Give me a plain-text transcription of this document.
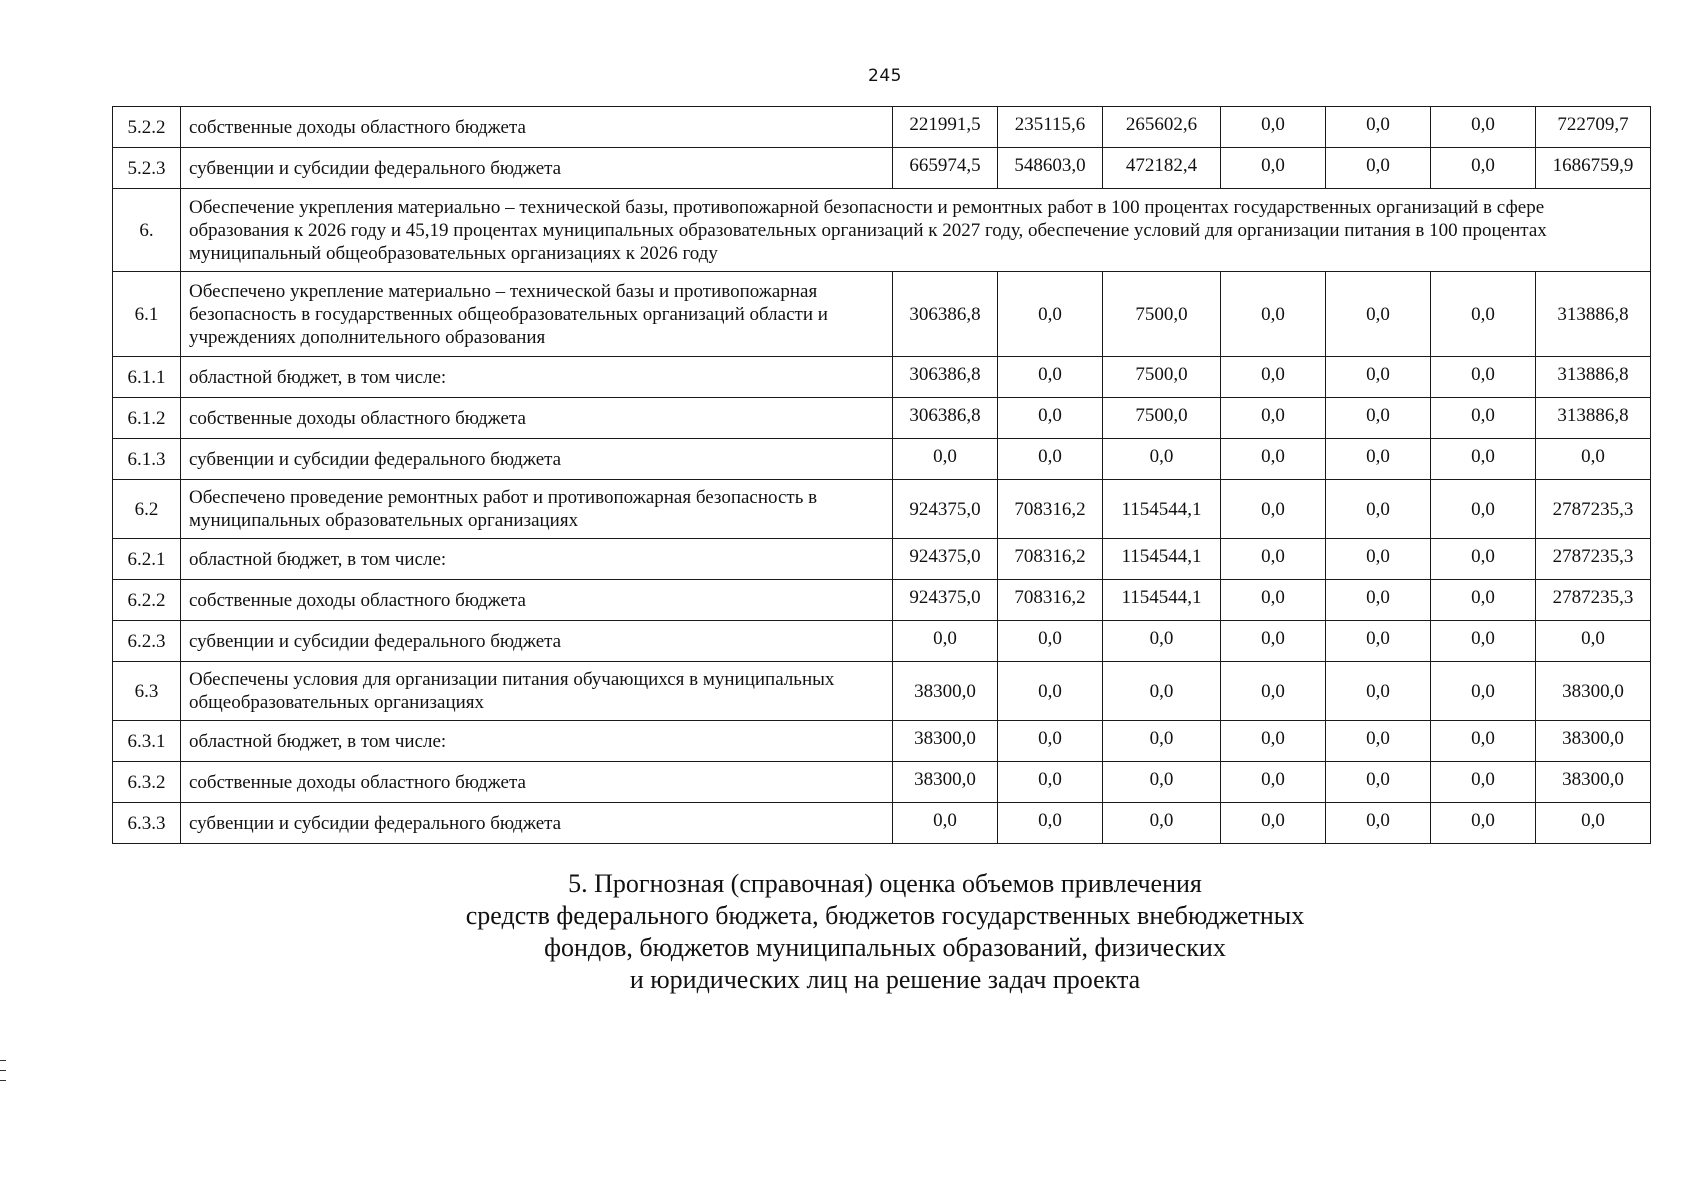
245
5.2.2	собственные доходы областного бюджета	221991,5	235115,6	265602,6	0,0	0,0	0,0	722709,7
5.2.3	субвенции и субсидии федерального бюджета	665974,5	548603,0	472182,4	0,0	0,0	0,0	1686759,9
6.	Обеспечение укрепления материально – технической базы, противопожарной безопасности и ремонтных работ в 100 процентах государственных организаций в сфере образования к 2026 году и 45,19 процентах муниципальных образовательных организаций к 2027 году, обеспечение условий для организации питания в 100 процентах муниципальный общеобразовательных организациях к 2026 году							
6.1	Обеспечено укрепление материально – технической базы и противопожарная безопасность в государственных общеобразовательных организаций области и учреждениях дополнительного образования	306386,8	0,0	7500,0	0,0	0,0	0,0	313886,8
6.1.1	областной бюджет, в том числе:	306386,8	0,0	7500,0	0,0	0,0	0,0	313886,8
6.1.2	собственные доходы областного бюджета	306386,8	0,0	7500,0	0,0	0,0	0,0	313886,8
6.1.3	субвенции и субсидии федерального бюджета	0,0	0,0	0,0	0,0	0,0	0,0	0,0
6.2	Обеспечено проведение ремонтных работ и противопожарная безопасность в муниципальных образовательных организациях	924375,0	708316,2	1154544,1	0,0	0,0	0,0	2787235,3
6.2.1	областной бюджет, в том числе:	924375,0	708316,2	1154544,1	0,0	0,0	0,0	2787235,3
6.2.2	собственные доходы областного бюджета	924375,0	708316,2	1154544,1	0,0	0,0	0,0	2787235,3
6.2.3	субвенции и субсидии федерального бюджета	0,0	0,0	0,0	0,0	0,0	0,0	0,0
6.3	Обеспечены условия для организации питания обучающихся в муниципальных общеобразовательных организациях	38300,0	0,0	0,0	0,0	0,0	0,0	38300,0
6.3.1	областной бюджет, в том числе:	38300,0	0,0	0,0	0,0	0,0	0,0	38300,0
6.3.2	собственные доходы областного бюджета	38300,0	0,0	0,0	0,0	0,0	0,0	38300,0
6.3.3	субвенции и субсидии федерального бюджета	0,0	0,0	0,0	0,0	0,0	0,0	0,0
5. Прогнозная (справочная) оценка объемов привлечения
средств федерального бюджета, бюджетов государственных внебюджетных
фондов, бюджетов муниципальных образований, физических
и юридических лиц на решение задач проекта
